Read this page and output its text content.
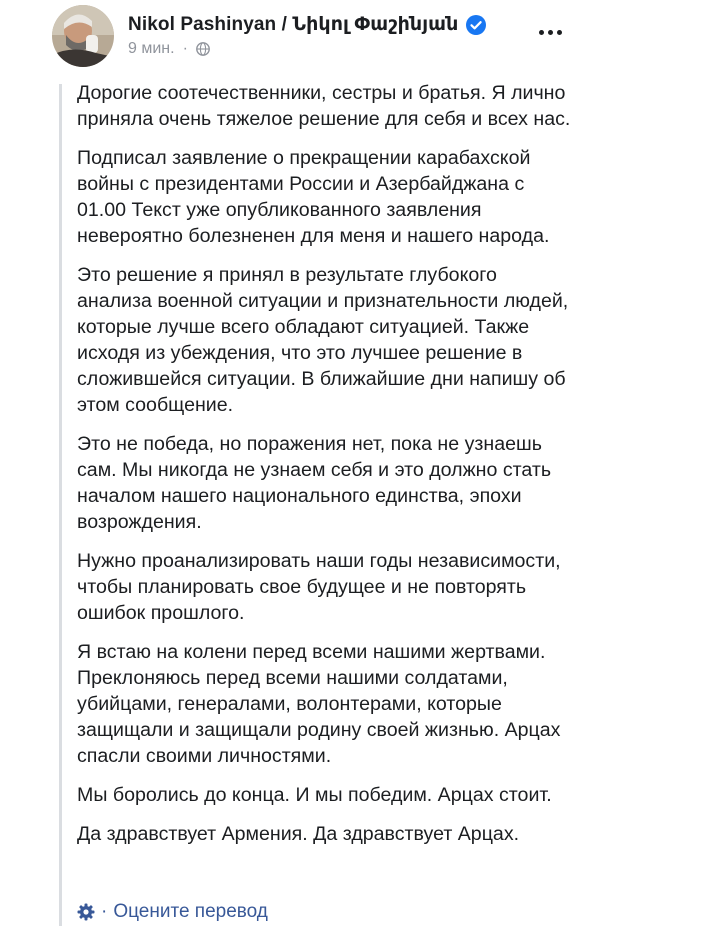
Nikol Pashinyan / Նիկոլ Փաշինյան
9 мин. ·

Дорогие соотечественники, сестры и братья. Я лично приняла очень тяжелое решение для себя и всех нас.

Подписал заявление о прекращении карабахской войны с президентами России и Азербайджана с 01.00 Текст уже опубликованного заявления невероятно болезненен для меня и нашего народа.

Это решение я принял в результате глубокого анализа военной ситуации и признательности людей, которые лучше всего обладают ситуацией. Также исходя из убеждения, что это лучшее решение в сложившейся ситуации. В ближайшие дни напишу об этом сообщение.

Это не победа, но поражения нет, пока не узнаешь сам. Мы никогда не узнаем себя и это должно стать началом нашего национального единства, эпохи возрождения.

Нужно проанализировать наши годы независимости, чтобы планировать свое будущее и не повторять ошибок прошлого.

Я встаю на колени перед всеми нашими жертвами. Преклоняюсь перед всеми нашими солдатами, убийцами, генералами, волонтерами, которые защищали и защищали родину своей жизнью. Арцах спасли своими личностями.

Мы боролись до конца. И мы победим. Арцах стоит.

Да здравствует Армения. Да здравствует Арцах.

· Оцените перевод
